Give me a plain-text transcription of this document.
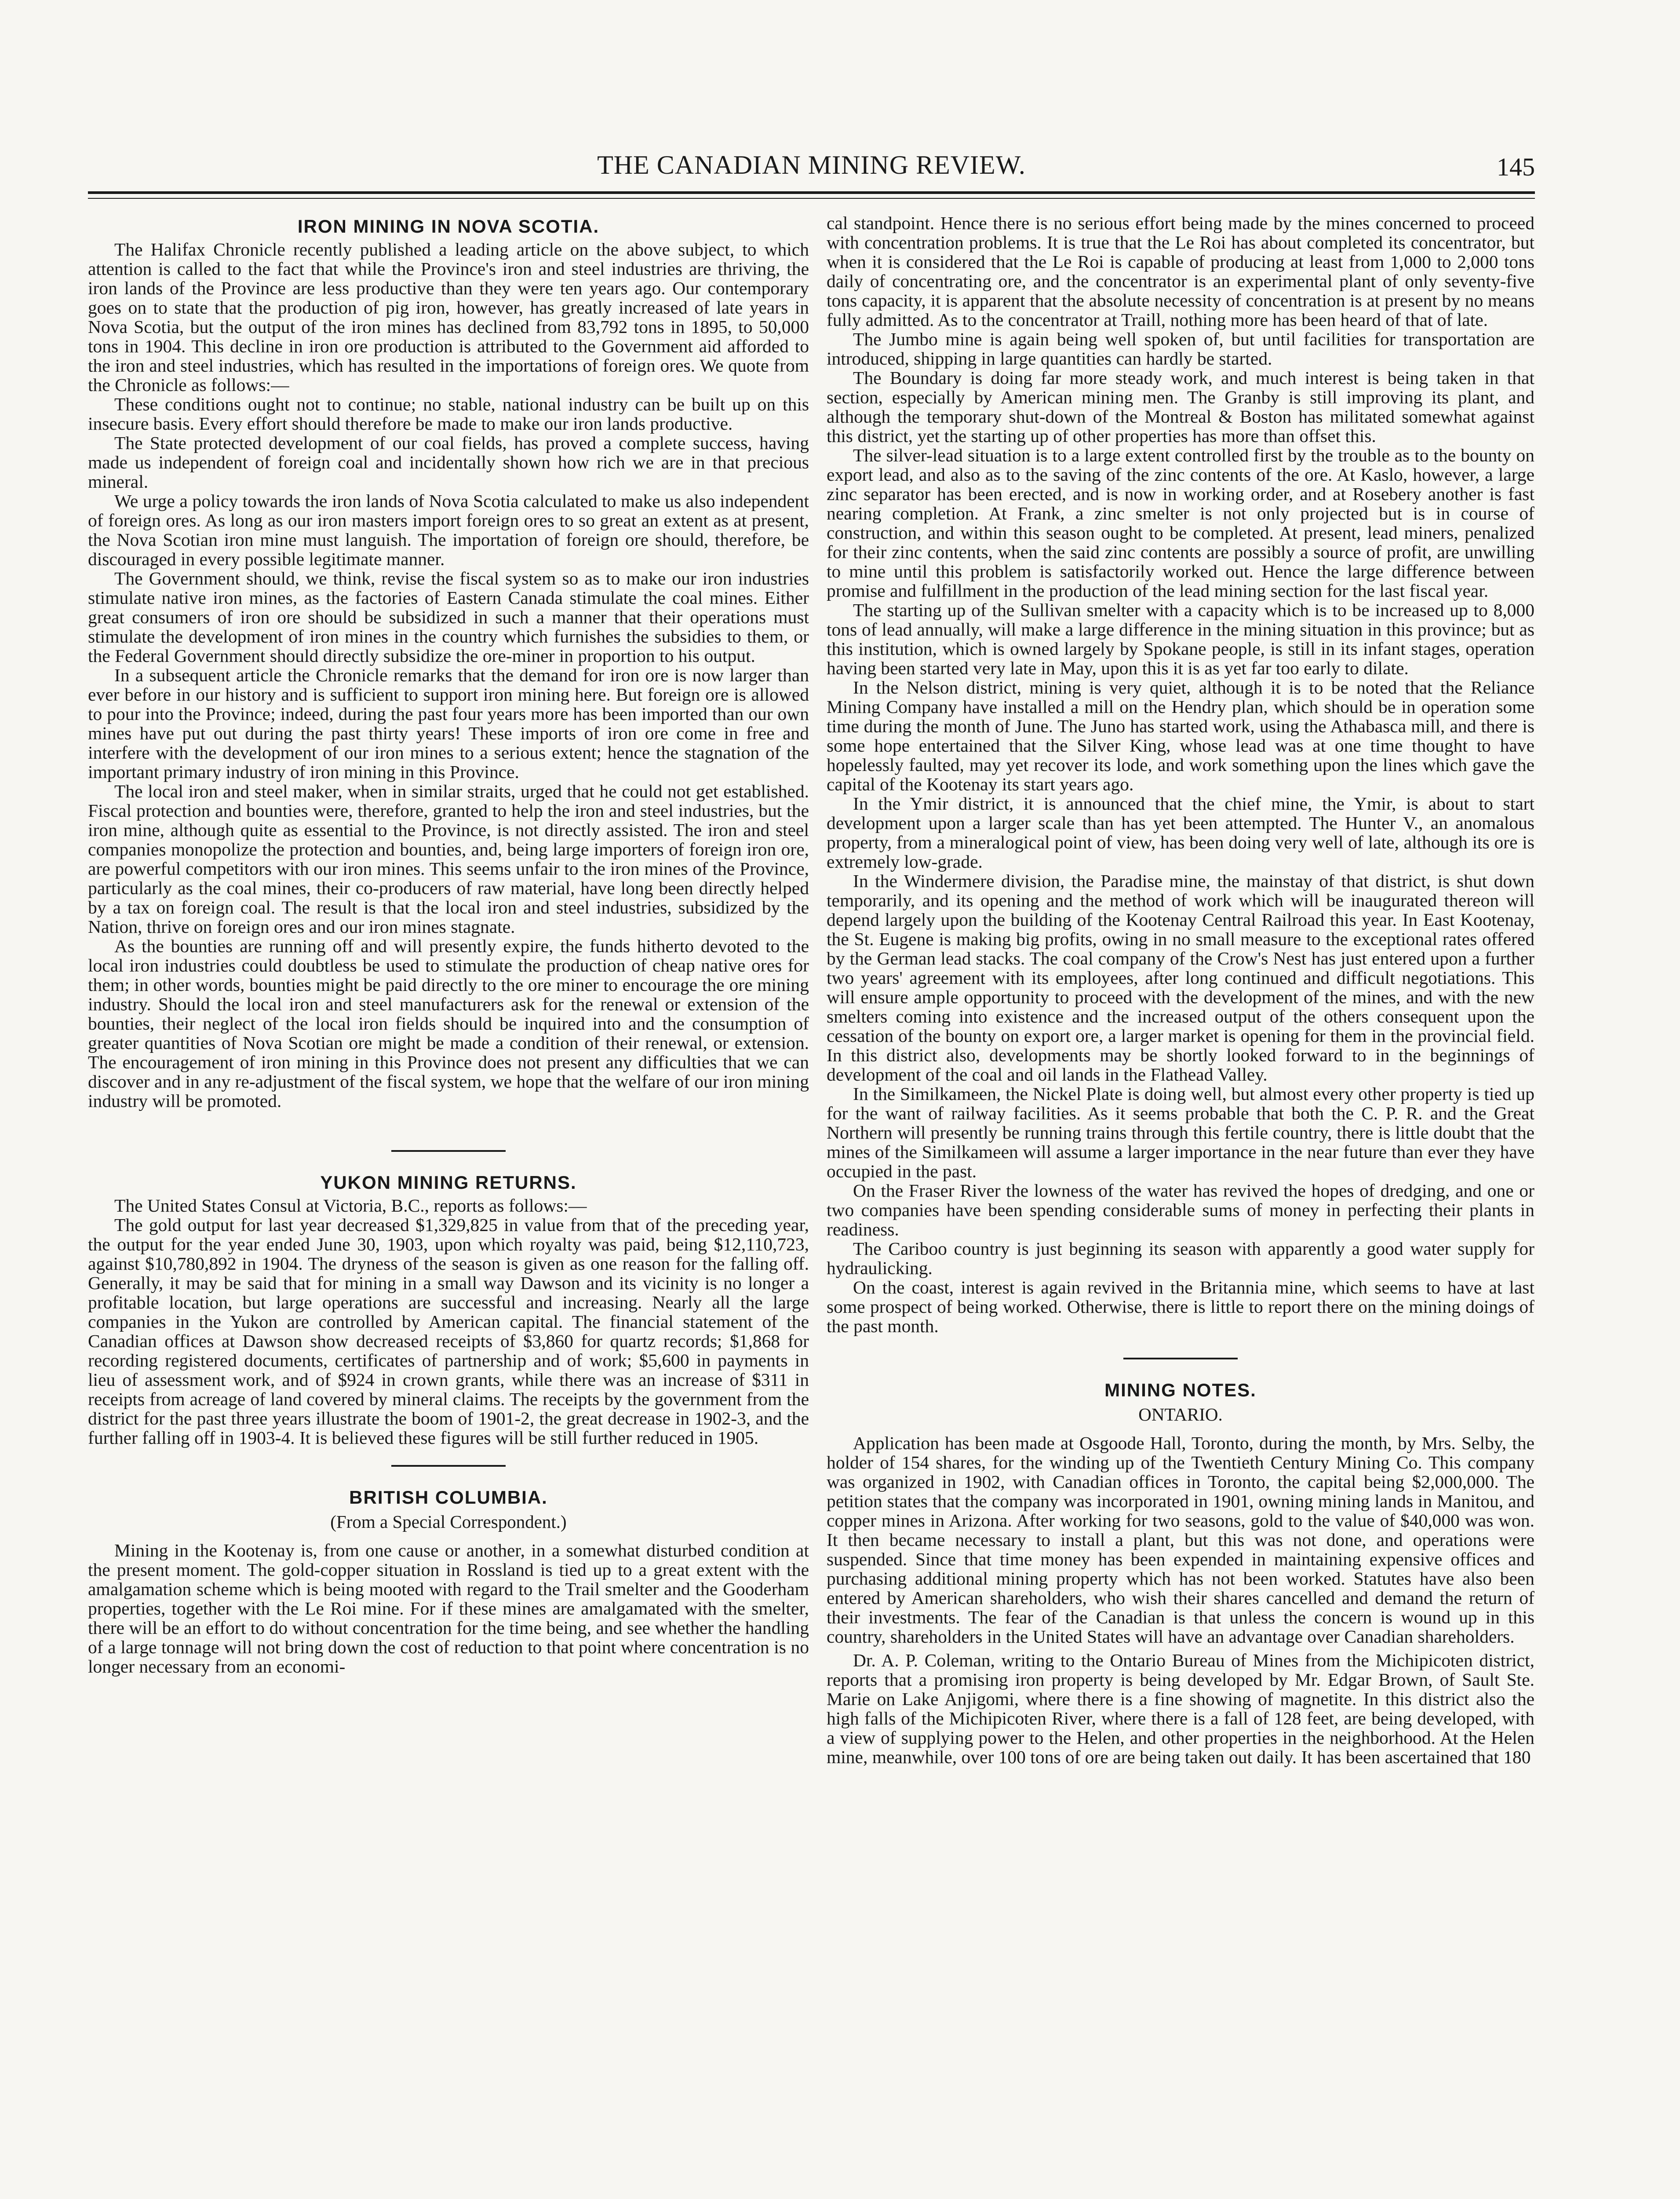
THE CANADIAN MINING REVIEW.	145
IRON MINING IN NOVA SCOTIA.

The Halifax Chronicle recently published a leading article on the above subject, to which attention is called to the fact that while the Province's iron and steel industries are thriving, the iron lands of the Province are less productive than they were ten years ago. Our contemporary goes on to state that the production of pig iron, however, has greatly increased of late years in Nova Scotia, but the output of the iron mines has declined from 83,792 tons in 1895, to 50,000 tons in 1904. This decline in iron ore production is attributed to the Government aid afforded to the iron and steel industries, which has resulted in the importations of foreign ores. We quote from the Chronicle as follows:—

These conditions ought not to continue; no stable, national industry can be built up on this insecure basis. Every effort should therefore be made to make our iron lands productive.

The State protected development of our coal fields, has proved a complete success, having made us independent of foreign coal and incidentally shown how rich we are in that precious mineral.

We urge a policy towards the iron lands of Nova Scotia calculated to make us also independent of foreign ores. As long as our iron masters import foreign ores to so great an extent as at present, the Nova Scotian iron mine must languish. The importation of foreign ore should, therefore, be discouraged in every possible legitimate manner.

The Government should, we think, revise the fiscal system so as to make our iron industries stimulate native iron mines, as the factories of Eastern Canada stimulate the coal mines. Either great consumers of iron ore should be subsidized in such a manner that their operations must stimulate the development of iron mines in the country which furnishes the subsidies to them, or the Federal Government should directly subsidize the ore-miner in proportion to his output.

In a subsequent article the Chronicle remarks that the demand for iron ore is now larger than ever before in our history and is sufficient to support iron mining here. But foreign ore is allowed to pour into the Province; indeed, during the past four years more has been imported than our own mines have put out during the past thirty years! These imports of iron ore come in free and interfere with the development of our iron mines to a serious extent; hence the stagnation of the important primary industry of iron mining in this Province.

The local iron and steel maker, when in similar straits, urged that he could not get established. Fiscal protection and bounties were, therefore, granted to help the iron and steel industries, but the iron mine, although quite as essential to the Province, is not directly assisted. The iron and steel companies monopolize the protection and bounties, and, being large importers of foreign iron ore, are powerful competitors with our iron mines. This seems unfair to the iron mines of the Province, particularly as the coal mines, their co-producers of raw material, have long been directly helped by a tax on foreign coal. The result is that the local iron and steel industries, subsidized by the Nation, thrive on foreign ores and our iron mines stagnate.

As the bounties are running off and will presently expire, the funds hitherto devoted to the local iron industries could doubtless be used to stimulate the production of cheap native ores for them; in other words, bounties might be paid directly to the ore miner to encourage the ore mining industry. Should the local iron and steel manufacturers ask for the renewal or extension of the bounties, their neglect of the local iron fields should be inquired into and the consumption of greater quantities of Nova Scotian ore might be made a condition of their renewal, or extension. The encouragement of iron mining in this Province does not present any difficulties that we can discover and in any re-adjustment of the fiscal system, we hope that the welfare of our iron mining industry will be promoted.

YUKON MINING RETURNS.

The United States Consul at Victoria, B.C., reports as follows:—

The gold output for last year decreased $1,329,825 in value from that of the preceding year, the output for the year ended June 30, 1903, upon which royalty was paid, being $12,110,723, against $10,780,892 in 1904. The dryness of the season is given as one reason for the falling off. Generally, it may be said that for mining in a small way Dawson and its vicinity is no longer a profitable location, but large operations are successful and increasing. Nearly all the large companies in the Yukon are controlled by American capital. The financial statement of the Canadian offices at Dawson show decreased receipts of $3,860 for quartz records; $1,868 for recording registered documents, certificates of partnership and of work; $5,600 in payments in lieu of assessment work, and of $924 in crown grants, while there was an increase of $311 in receipts from acreage of land covered by mineral claims. The receipts by the government from the district for the past three years illustrate the boom of 1901-2, the great decrease in 1902-3, and the further falling off in 1903-4. It is believed these figures will be still further reduced in 1905.

BRITISH COLUMBIA.

(From a Special Correspondent.)

Mining in the Kootenay is, from one cause or another, in a somewhat disturbed condition at the present moment. The gold-copper situation in Rossland is tied up to a great extent with the amalgamation scheme which is being mooted with regard to the Trail smelter and the Gooderham properties, together with the Le Roi mine. For if these mines are amalgamated with the smelter, there will be an effort to do without concentration for the time being, and see whether the handling of a large tonnage will not bring down the cost of reduction to that point where concentration is no longer necessary from an economi-

cal standpoint. Hence there is no serious effort being made by the mines concerned to proceed with concentration problems. It is true that the Le Roi has about completed its concentrator, but when it is considered that the Le Roi is capable of producing at least from 1,000 to 2,000 tons daily of concentrating ore, and the concentrator is an experimental plant of only seventy-five tons capacity, it is apparent that the absolute necessity of concentration is at present by no means fully admitted. As to the concentrator at Traill, nothing more has been heard of that of late.

The Jumbo mine is again being well spoken of, but until facilities for transportation are introduced, shipping in large quantities can hardly be started.

The Boundary is doing far more steady work, and much interest is being taken in that section, especially by American mining men. The Granby is still improving its plant, and although the temporary shut-down of the Montreal & Boston has militated somewhat against this district, yet the starting up of other properties has more than offset this.

The silver-lead situation is to a large extent controlled first by the trouble as to the bounty on export lead, and also as to the saving of the zinc contents of the ore. At Kaslo, however, a large zinc separator has been erected, and is now in working order, and at Rosebery another is fast nearing completion. At Frank, a zinc smelter is not only projected but is in course of construction, and within this season ought to be completed. At present, lead miners, penalized for their zinc contents, when the said zinc contents are possibly a source of profit, are unwilling to mine until this problem is satisfactorily worked out. Hence the large difference between promise and fulfillment in the production of the lead mining section for the last fiscal year.

The starting up of the Sullivan smelter with a capacity which is to be increased up to 8,000 tons of lead annually, will make a large difference in the mining situation in this province; but as this institution, which is owned largely by Spokane people, is still in its infant stages, operation having been started very late in May, upon this it is as yet far too early to dilate.

In the Nelson district, mining is very quiet, although it is to be noted that the Reliance Mining Company have installed a mill on the Hendry plan, which should be in operation some time during the month of June. The Juno has started work, using the Athabasca mill, and there is some hope entertained that the Silver King, whose lead was at one time thought to have hopelessly faulted, may yet recover its lode, and work something upon the lines which gave the capital of the Kootenay its start years ago.

In the Ymir district, it is announced that the chief mine, the Ymir, is about to start development upon a larger scale than has yet been attempted. The Hunter V., an anomalous property, from a mineralogical point of view, has been doing very well of late, although its ore is extremely low-grade.

In the Windermere division, the Paradise mine, the mainstay of that district, is shut down temporarily, and its opening and the method of work which will be inaugurated thereon will depend largely upon the building of the Kootenay Central Railroad this year. In East Kootenay, the St. Eugene is making big profits, owing in no small measure to the exceptional rates offered by the German lead stacks. The coal company of the Crow's Nest has just entered upon a further two years' agreement with its employees, after long continued and difficult negotiations. This will ensure ample opportunity to proceed with the development of the mines, and with the new smelters coming into existence and the increased output of the others consequent upon the cessation of the bounty on export ore, a larger market is opening for them in the provincial field. In this district also, developments may be shortly looked forward to in the beginnings of development of the coal and oil lands in the Flathead Valley.

In the Similkameen, the Nickel Plate is doing well, but almost every other property is tied up for the want of railway facilities. As it seems probable that both the C. P. R. and the Great Northern will presently be running trains through this fertile country, there is little doubt that the mines of the Similkameen will assume a larger importance in the near future than ever they have occupied in the past.

On the Fraser River the lowness of the water has revived the hopes of dredging, and one or two companies have been spending considerable sums of money in perfecting their plants in readiness.

The Cariboo country is just beginning its season with apparently a good water supply for hydraulicking.

On the coast, interest is again revived in the Britannia mine, which seems to have at last some prospect of being worked. Otherwise, there is little to report there on the mining doings of the past month.

MINING NOTES.

ONTARIO.

Application has been made at Osgoode Hall, Toronto, during the month, by Mrs. Selby, the holder of 154 shares, for the winding up of the Twentieth Century Mining Co. This company was organized in 1902, with Canadian offices in Toronto, the capital being $2,000,000. The petition states that the company was incorporated in 1901, owning mining lands in Manitou, and copper mines in Arizona. After working for two seasons, gold to the value of $40,000 was won. It then became necessary to install a plant, but this was not done, and operations were suspended. Since that time money has been expended in maintaining expensive offices and purchasing additional mining property which has not been worked. Statutes have also been entered by American shareholders, who wish their shares cancelled and demand the return of their investments. The fear of the Canadian is that unless the concern is wound up in this country, shareholders in the United States will have an advantage over Canadian shareholders.

Dr. A. P. Coleman, writing to the Ontario Bureau of Mines from the Michipicoten district, reports that a promising iron property is being developed by Mr. Edgar Brown, of Sault Ste. Marie on Lake Anjigomi, where there is a fine showing of magnetite. In this district also the high falls of the Michipicoten River, where there is a fall of 128 feet, are being developed, with a view of supplying power to the Helen, and other properties in the neighborhood. At the Helen mine, meanwhile, over 100 tons of ore are being taken out daily. It has been ascertained that 180
